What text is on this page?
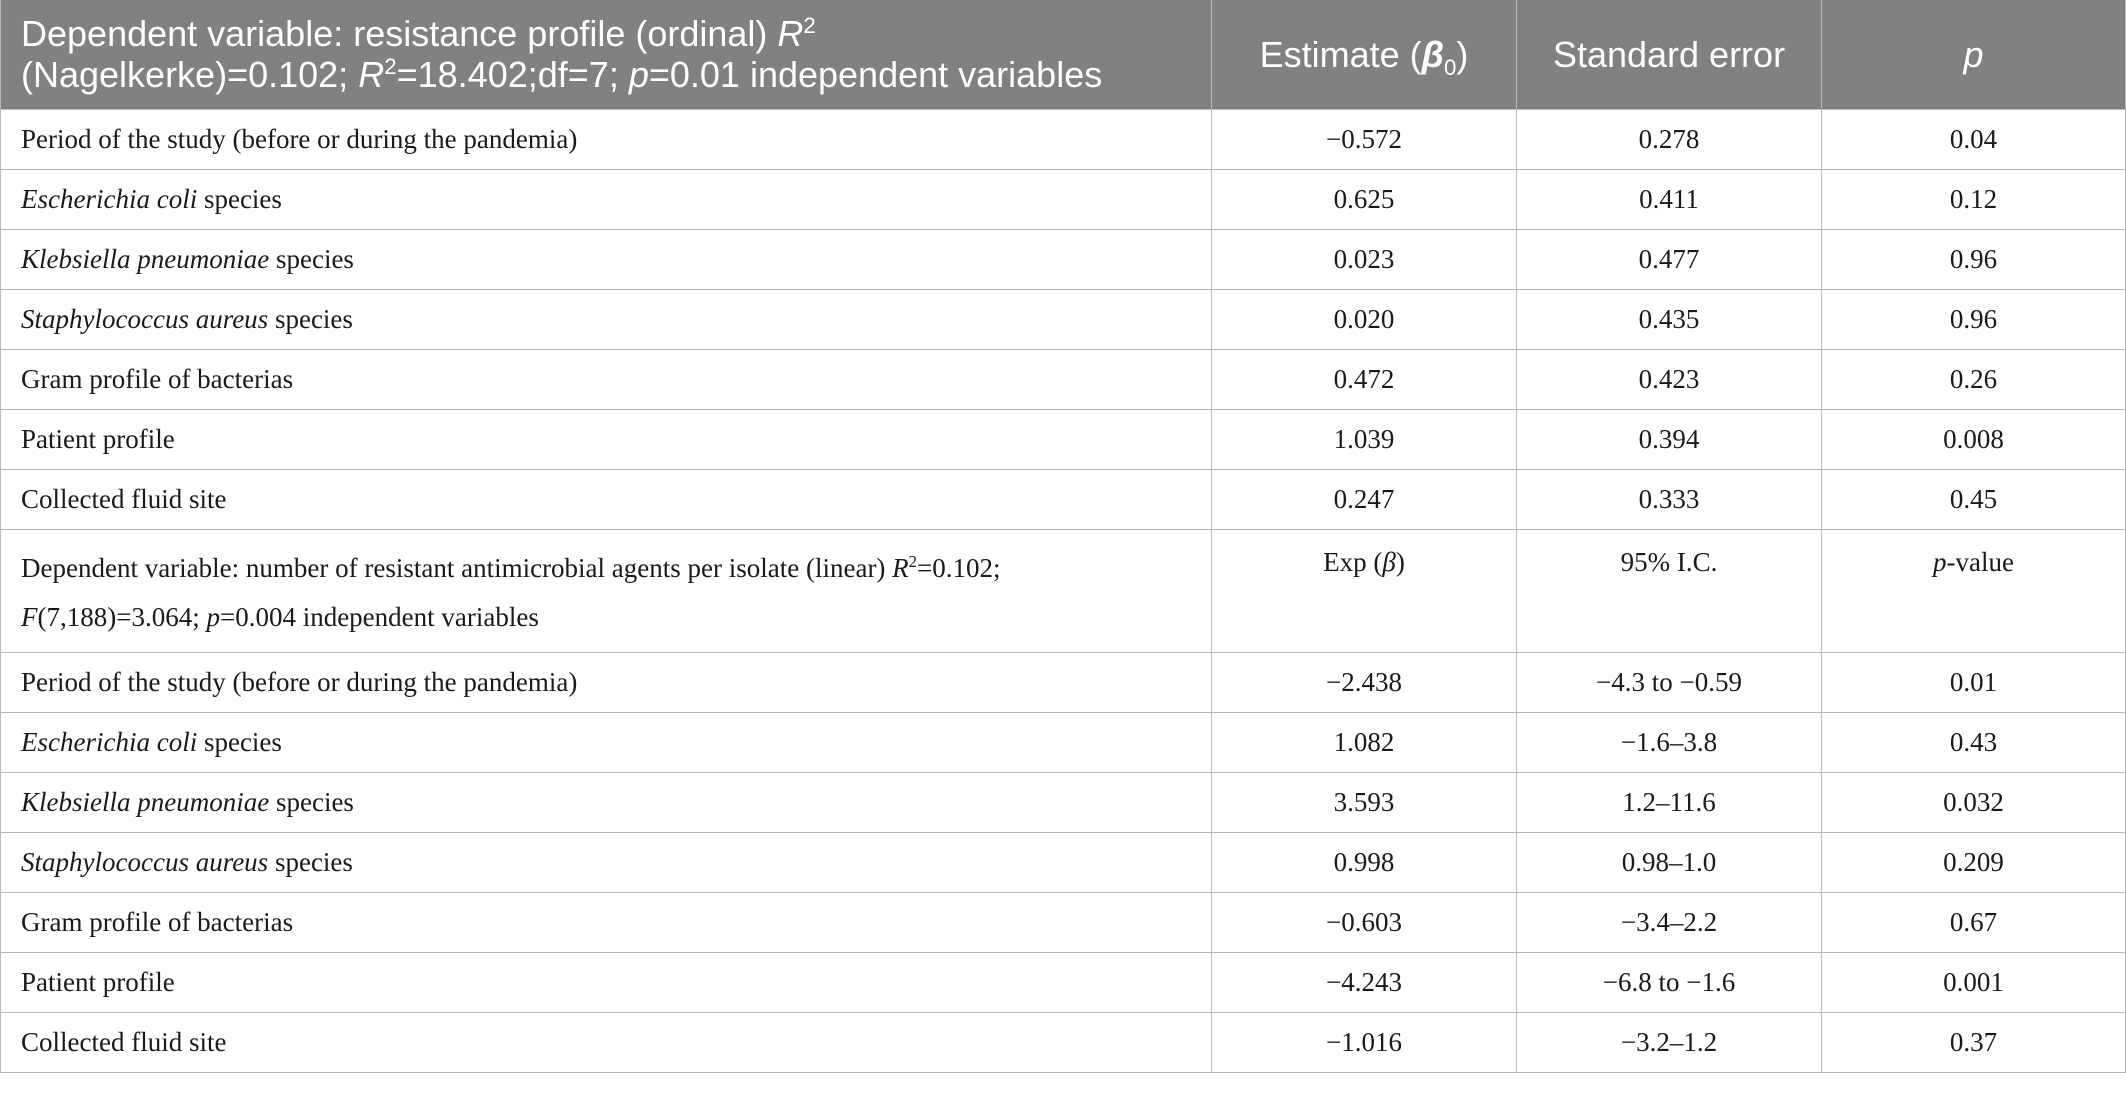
Dependent variable: resistance profile (ordinal) $R^2$
(Nagelkerke)=0.102; $R^2=18.402;df=7$; p=0.01 independent variables	Estimate $(\beta_0)$	Standard error	p
Period of the study (before or during the pandemia)	−0.572	0.278	0.04
Escherichia coli species	0.625	0.411	0.12
Klebsiella pneumoniae species	0.023	0.477	0.96
Staphylococcus aureus species	0.020	0.435	0.96
Gram profile of bacterias	0.472	0.423	0.26
Patient profile	1.039	0.394	0.008
Collected fluid site	0.247	0.333	0.45
Dependent variable: number of resistant antimicrobial agents per isolate (linear) $R^2=0.102$;
F(7,188)=3.064; p=0.004 independent variables	Exp (β)	95% I.C.	p-value
Period of the study (before or during the pandemia)	−2.438	−4.3 to −0.59	0.01
Escherichia coli species	1.082	−1.6–3.8	0.43
Klebsiella pneumoniae species	3.593	1.2–11.6	0.032
Staphylococcus aureus species	0.998	0.98–1.0	0.209
Gram profile of bacterias	−0.603	−3.4–2.2	0.67
Patient profile	−4.243	−6.8 to −1.6	0.001
Collected fluid site	−1.016	−3.2–1.2	0.37
